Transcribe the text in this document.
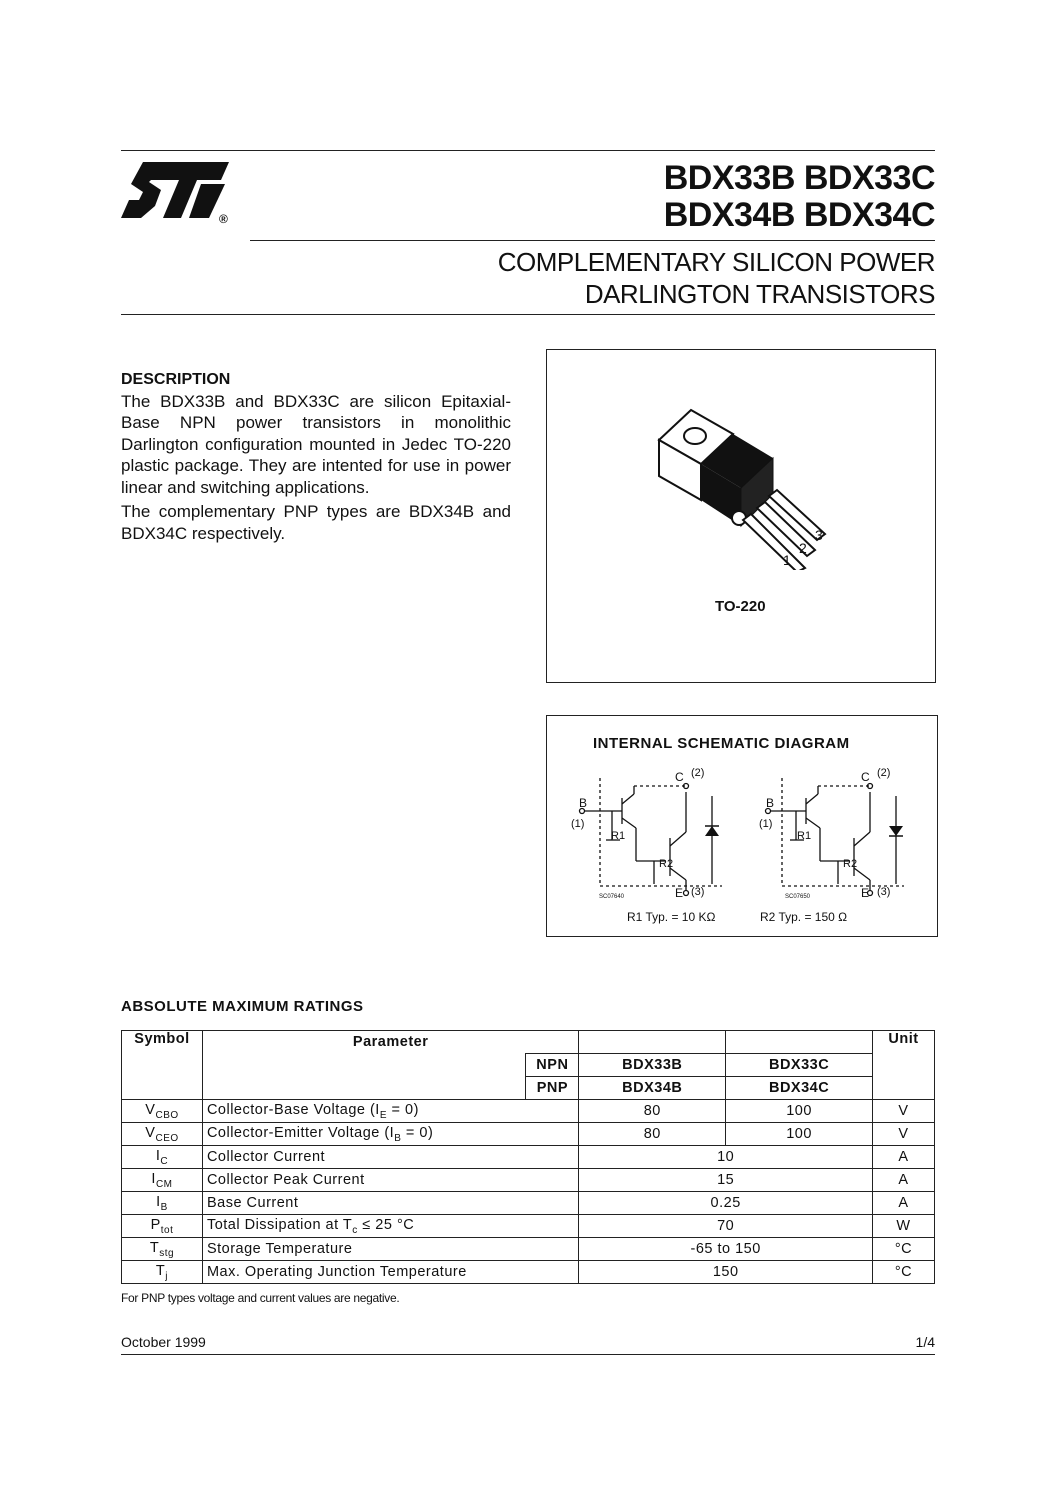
®
BDX33B BDX33C
BDX34B BDX34C
COMPLEMENTARY SILICON POWER
DARLINGTON TRANSISTORS
DESCRIPTION

The BDX33B and BDX33C are silicon Epitaxial-Base NPN power transistors in monolithic Darlington configuration mounted in Jedec TO-220 plastic package. They are intented for use in power linear and switching applications.

The complementary PNP types are BDX34B and BDX34C respectively.

1
2
3
TO-220
INTERNAL SCHEMATIC DIAGRAM
C (2)
B
(1)
R1
R2
E (3)
SC07640
C (2)
B
(1)
R1
R2
E (3)
SC07650
R1 Typ. = 10 KΩ	R2 Typ. = 150 Ω
ABSOLUTE MAXIMUM RATINGS
Symbol	Parameter				Unit
		NPN	BDX33B	BDX33C	
		PNP	BDX34B	BDX34C	
$V_{CBO}$	Collector-Base Voltage $(I_E = 0)$		80	100	V
$V_{CEO}$	Collector-Emitter Voltage $(I_B = 0)$		80	100	V
$I_C$	Collector Current		10		A
$I_{CM}$	Collector Peak Current		15		A
$I_B$	Base Current		0.25		A
$P_{tot}$	Total Dissipation at $T_c \le 25$ °C		70		W
$T_{stg}$	Storage Temperature		-65 to 150		°C
$T_j$	Max. Operating Junction Temperature		150		°C
For PNP types voltage and current values are negative.
October 1999	1/4
